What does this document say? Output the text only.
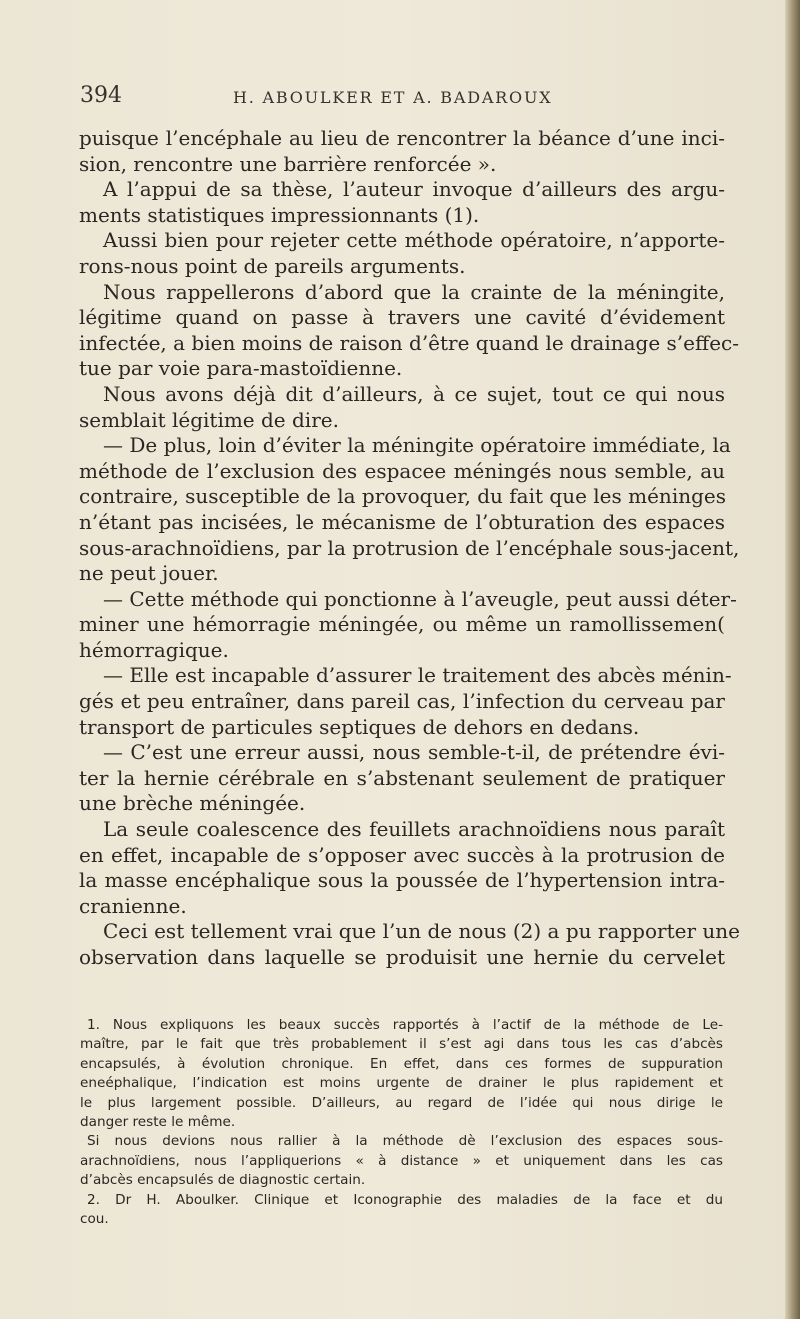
394	H. ABOULKER ET A. BADAROUX
puisque l’encéphale au lieu de rencontrer la béance d’une inci-
sion, rencontre une barrière renforcée ».
A l’appui de sa thèse, l’auteur invoque d’ailleurs des argu-
ments statistiques impressionnants (1).
Aussi bien pour rejeter cette méthode opératoire, n’apporte-
rons-nous point de pareils arguments.
Nous rappellerons d’abord que la crainte de la méningite,
légitime quand on passe à travers une cavité d’évidement
infectée, a bien moins de raison d’être quand le drainage s’effec-
tue par voie para-mastoïdienne.
Nous avons déjà dit d’ailleurs, à ce sujet, tout ce qui nous
semblait légitime de dire.
— De plus, loin d’éviter la méningite opératoire immédiate, la
méthode de l’exclusion des espacee méningés nous semble, au
contraire, susceptible de la provoquer, du fait que les méninges
n’étant pas incisées, le mécanisme de l’obturation des espaces
sous-arachnoïdiens, par la protrusion de l’encéphale sous-jacent,
ne peut jouer.
— Cette méthode qui ponctionne à l’aveugle, peut aussi déter-
miner une hémorragie méningée, ou même un ramollissemen(
hémorragique.
— Elle est incapable d’assurer le traitement des abcès ménin-
gés et peu entraîner, dans pareil cas, l’infection du cerveau par
transport de particules septiques de dehors en dedans.
— C’est une erreur aussi, nous semble-t-il, de prétendre évi-
ter la hernie cérébrale en s’abstenant seulement de pratiquer
une brèche méningée.
La seule coalescence des feuillets arachnoïdiens nous paraît
en effet, incapable de s’opposer avec succès à la protrusion de
la masse encéphalique sous la poussée de l’hypertension intra-
cranienne.
Ceci est tellement vrai que l’un de nous (2) a pu rapporter une
observation dans laquelle se produisit une hernie du cervelet
1. Nous expliquons les beaux succès rapportés à l’actif de la méthode de Le-
maître, par le fait que très probablement il s’est agi dans tous les cas d’abcès
encapsulés, à évolution chronique. En effet, dans ces formes de suppuration
eneéphalique, l’indication est moins urgente de drainer le plus rapidement et
le plus largement possible. D’ailleurs, au regard de l’idée qui nous dirige le
danger reste le même.
Si nous devions nous rallier à la méthode dè l’exclusion des espaces sous-
arachnoïdiens, nous l’appliquerions « à distance » et uniquement dans les cas
d’abcès encapsulés de diagnostic certain.
2. Dr H. Aboulker. Clinique et Iconographie des maladies de la face et du
cou.
